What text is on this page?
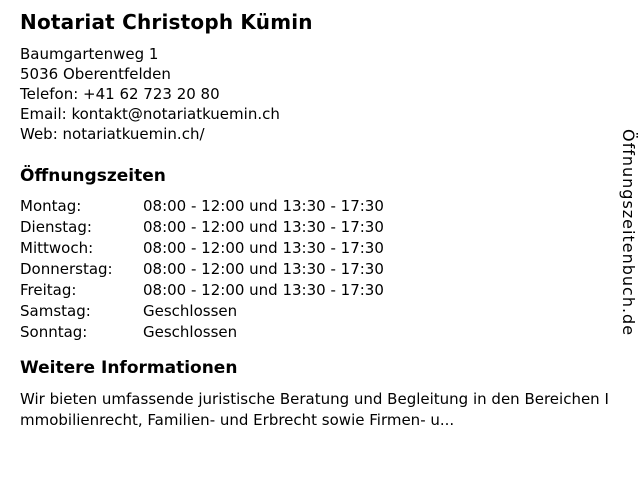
Notariat Christoph Kümin
Baumgartenweg 1
5036 Oberentfelden
Telefon: +41 62 723 20 80
Email: kontakt@notariatkuemin.ch
Web: notariatkuemin.ch/
Öffnungszeiten
Montag:	08:00 - 12:00 und 13:30 - 17:30
Dienstag:	08:00 - 12:00 und 13:30 - 17:30
Mittwoch:	08:00 - 12:00 und 13:30 - 17:30
Donnerstag:	08:00 - 12:00 und 13:30 - 17:30
Freitag:	08:00 - 12:00 und 13:30 - 17:30
Samstag:	Geschlossen
Sonntag:	Geschlossen
Weitere Informationen

Wir bieten umfassende juristische Beratung und Begleitung in den Bereichen Immobilienrecht, Familien- und Erbrecht sowie Firmen- u...

Öffnungszeitenbuch.de
